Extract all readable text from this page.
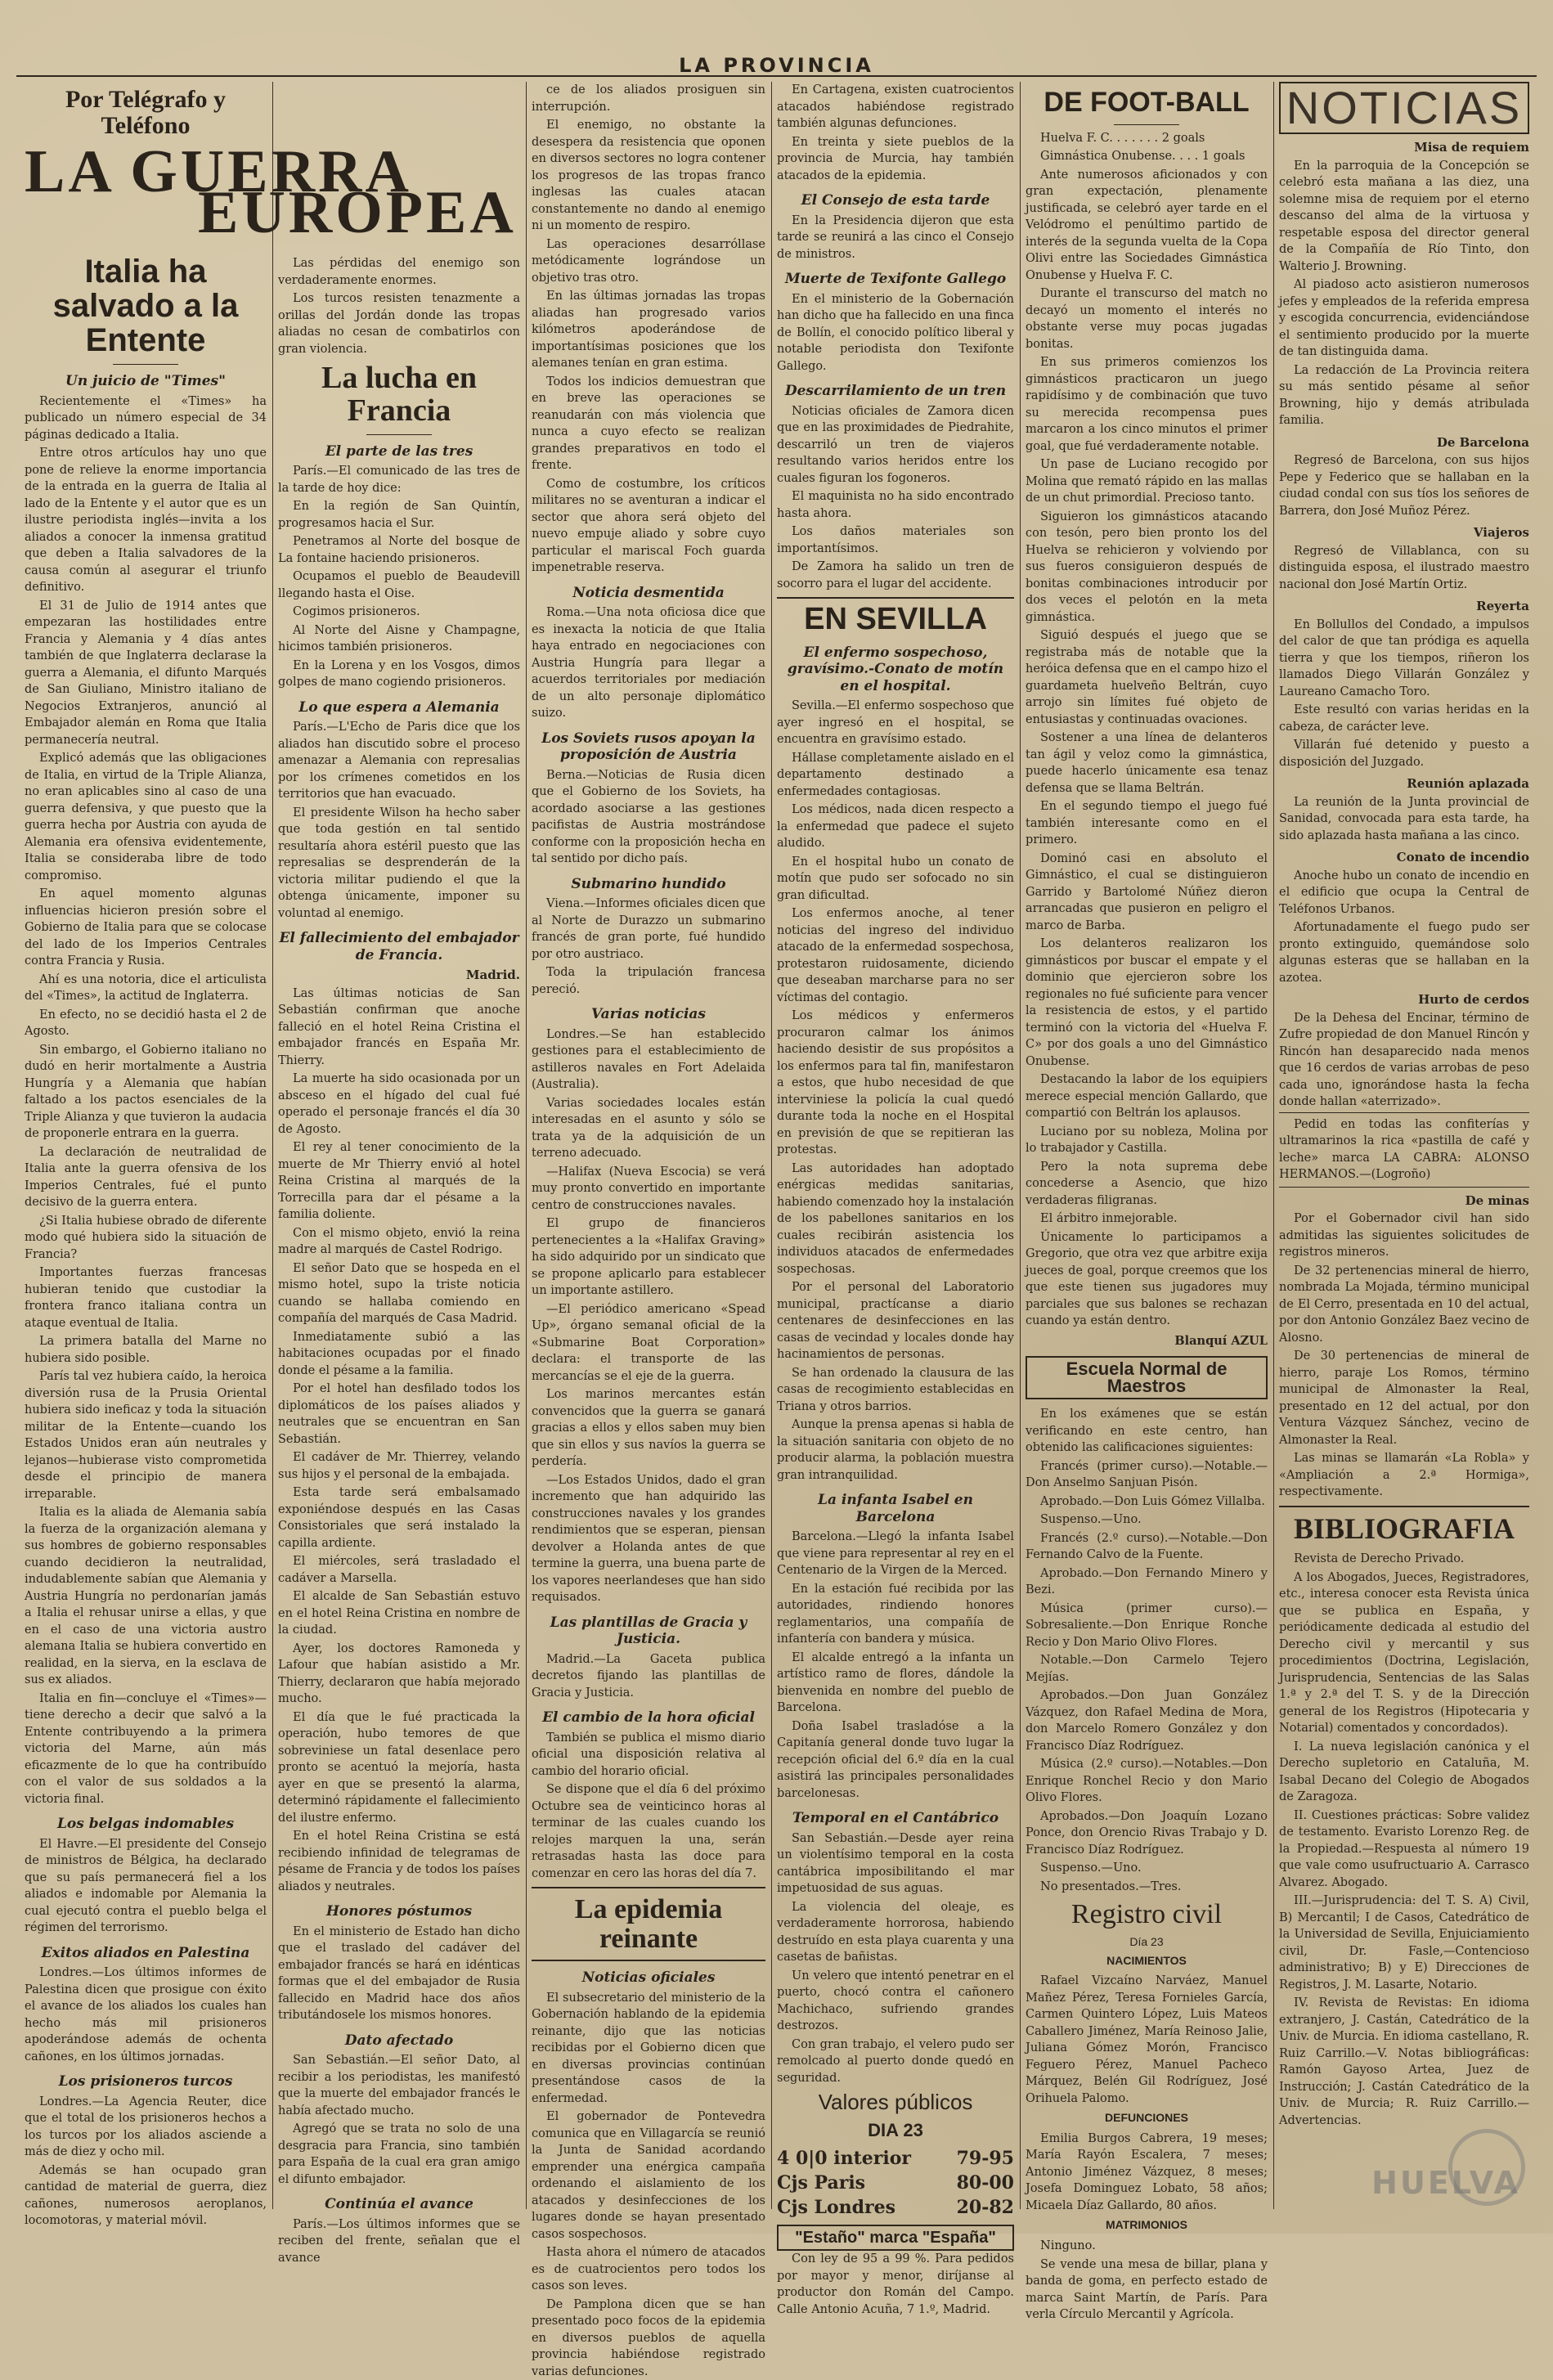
LA PROVINCIA
Por Telégrafo y Teléfono
LA GUERRA
EUROPEA
Italia ha salvado a la Entente
Un juicio de "Times"

Recientemente el «Times» ha publicado un número especial de 34 páginas dedicado a Italia.

Entre otros artículos hay uno que pone de relieve la enorme importancia de la entrada en la guerra de Italia al lado de la Entente y el autor que es un ilustre periodista inglés—invita a los aliados a conocer la inmensa gratitud que deben a Italia salvadores de la causa común al asegurar el triunfo definitivo.

El 31 de Julio de 1914 antes que empezaran las hostilidades entre Francia y Alemania y 4 días antes también de que Inglaterra declarase la guerra a Alemania, el difunto Marqués de San Giuliano, Ministro italiano de Negocios Extranjeros, anunció al Embajador alemán en Roma que Italia permanecería neutral.

Explicó además que las obligaciones de Italia, en virtud de la Triple Alianza, no eran aplicables sino al caso de una guerra defensiva, y que puesto que la guerra hecha por Austria con ayuda de Alemania era ofensiva evidentemente, Italia se consideraba libre de todo compromiso.

En aquel momento algunas influencias hicieron presión sobre el Gobierno de Italia para que se colocase del lado de los Imperios Centrales contra Francia y Rusia.

Ahí es una notoria, dice el articulista del «Times», la actitud de Inglaterra.

En efecto, no se decidió hasta el 2 de Agosto.

Sin embargo, el Gobierno italiano no dudó en herir mortalmente a Austria Hungría y a Alemania que habían faltado a los pactos esenciales de la Triple Alianza y que tuvieron la audacia de proponerle entrara en la guerra.

La declaración de neutralidad de Italia ante la guerra ofensiva de los Imperios Centrales, fué el punto decisivo de la guerra entera.

¿Si Italia hubiese obrado de diferente modo qué hubiera sido la situación de Francia?

Importantes fuerzas francesas hubieran tenido que custodiar la frontera franco italiana contra un ataque eventual de Italia.

La primera batalla del Marne no hubiera sido posible.

París tal vez hubiera caído, la heroica diversión rusa de la Prusia Oriental hubiera sido ineficaz y toda la situación militar de la Entente—cuando los Estados Unidos eran aún neutrales y lejanos—hubierase visto comprometida desde el principio de manera irreparable.

Italia es la aliada de Alemania sabía la fuerza de la organización alemana y sus hombres de gobierno responsables cuando decidieron la neutralidad, indudablemente sabían que Alemania y Austria Hungría no perdonarían jamás a Italia el rehusar unirse a ellas, y que en el caso de una victoria austro alemana Italia se hubiera convertido en realidad, en la sierva, en la esclava de sus ex aliados.

Italia en fin—concluye el «Times»—tiene derecho a decir que salvó a la Entente contribuyendo a la primera victoria del Marne, aún más eficazmente de lo que ha contribuído con el valor de sus soldados a la victoria final.

Los belgas indomables

El Havre.—El presidente del Consejo de ministros de Bélgica, ha declarado que su país permanecerá fiel a los aliados e indomable por Alemania la cual ejecutó contra el pueblo belga el régimen del terrorismo.

Exitos aliados en Palestina

Londres.—Los últimos informes de Palestina dicen que prosigue con éxito el avance de los aliados los cuales han hecho más mil prisioneros apoderándose además de ochenta cañones, en los últimos jornadas.

Los prisioneros turcos

Londres.—La Agencia Reuter, dice que el total de los prisioneros hechos a los turcos por los aliados asciende a más de diez y ocho mil.

Además se han ocupado gran cantidad de material de guerra, diez cañones, numerosos aeroplanos, locomotoras, y material móvil.

Las pérdidas del enemigo son verdaderamente enormes.

Los turcos resisten tenazmente a orillas del Jordán donde las tropas aliadas no cesan de combatirlos con gran violencia.

La lucha en Francia
El parte de las tres

París.—El comunicado de las tres de la tarde de hoy dice:

En la región de San Quintín, progresamos hacia el Sur.

Penetramos al Norte del bosque de La fontaine haciendo prisioneros.

Ocupamos el pueblo de Beaudevill llegando hasta el Oise.

Cogimos prisioneros.

Al Norte del Aisne y Champagne, hicimos también prisioneros.

En la Lorena y en los Vosgos, dimos golpes de mano cogiendo prisioneros.

Lo que espera a Alemania

París.—L'Echo de Paris dice que los aliados han discutido sobre el proceso amenazar a Alemania con represalias por los crímenes cometidos en los territorios que han evacuado.

El presidente Wilson ha hecho saber que toda gestión en tal sentido resultaría ahora estéril puesto que las represalias se desprenderán de la victoria militar pudiendo el que la obtenga únicamente, imponer su voluntad al enemigo.

El fallecimiento del embajador de Francia.

Madrid.

Las últimas noticias de San Sebastián confirman que anoche falleció en el hotel Reina Cristina el embajador francés en España Mr. Thierry.

La muerte ha sido ocasionada por un absceso en el hígado del cual fué operado el personaje francés el día 30 de Agosto.

El rey al tener conocimiento de la muerte de Mr Thierry envió al hotel Reina Cristina al marqués de la Torrecilla para dar el pésame a la familia doliente.

Con el mismo objeto, envió la reina madre al marqués de Castel Rodrigo.

El señor Dato que se hospeda en el mismo hotel, supo la triste noticia cuando se hallaba comiendo en compañía del marqués de Casa Madrid.

Inmediatamente subió a las habitaciones ocupadas por el finado donde el pésame a la familia.

Por el hotel han desfilado todos los diplomáticos de los países aliados y neutrales que se encuentran en San Sebastián.

El cadáver de Mr. Thierrey, velando sus hijos y el personal de la embajada.

Esta tarde será embalsamado exponiéndose después en las Casas Consistoriales que será instalado la capilla ardiente.

El miércoles, será trasladado el cadáver a Marsella.

El alcalde de San Sebastián estuvo en el hotel Reina Cristina en nombre de la ciudad.

Ayer, los doctores Ramoneda y Lafour que habían asistido a Mr. Thierry, declararon que había mejorado mucho.

El día que le fué practicada la operación, hubo temores de que sobreviniese un fatal desenlace pero pronto se acentuó la mejoría, hasta ayer en que se presentó la alarma, determinó rápidamente el fallecimiento del ilustre enfermo.

En el hotel Reina Cristina se está recibiendo infinidad de telegramas de pésame de Francia y de todos los países aliados y neutrales.

Honores póstumos

En el ministerio de Estado han dicho que el traslado del cadáver del embajador francés se hará en idénticas formas que el del embajador de Rusia fallecido en Madrid hace dos años tributándosele los mismos honores.

Dato afectado

San Sebastián.—El señor Dato, al recibir a los periodistas, les manifestó que la muerte del embajador francés le había afectado mucho.

Agregó que se trata no solo de una desgracia para Francia, sino también para España de la cual era gran amigo el difunto embajador.

Continúa el avance

París.—Los últimos informes que se reciben del frente, señalan que el avance

ce de los aliados prosiguen sin interrupción.

El enemigo, no obstante la desespera da resistencia que oponen en diversos sectores no logra contener los progresos de las tropas franco inglesas las cuales atacan constantemente no dando al enemigo ni un momento de respiro.

Las operaciones desarróllase metódicamente lográndose un objetivo tras otro.

En las últimas jornadas las tropas aliadas han progresado varios kilómetros apoderándose de importantísimas posiciones que los alemanes tenían en gran estima.

Todos los indicios demuestran que en breve las operaciones se reanudarán con más violencia que nunca a cuyo efecto se realizan grandes preparativos en todo el frente.

Como de costumbre, los críticos militares no se aventuran a indicar el sector que ahora será objeto del nuevo empuje aliado y sobre cuyo particular el mariscal Foch guarda impenetrable reserva.

Noticia desmentida

Roma.—Una nota oficiosa dice que es inexacta la noticia de que Italia haya entrado en negociaciones con Austria Hungría para llegar a acuerdos territoriales por mediación de un alto personaje diplomático suizo.

Los Soviets rusos apoyan la proposición de Austria

Berna.—Noticias de Rusia dicen que el Gobierno de los Soviets, ha acordado asociarse a las gestiones pacifistas de Austria mostrándose conforme con la proposición hecha en tal sentido por dicho país.

Submarino hundido

Viena.—Informes oficiales dicen que al Norte de Durazzo un submarino francés de gran porte, fué hundido por otro austriaco.

Toda la tripulación francesa pereció.

Varias noticias

Londres.—Se han establecido gestiones para el establecimiento de astilleros navales en Fort Adelaida (Australia).

Varias sociedades locales están interesadas en el asunto y sólo se trata ya de la adquisición de un terreno adecuado.

—Halifax (Nueva Escocia) se verá muy pronto convertido en importante centro de construcciones navales.

El grupo de financieros pertenecientes a la «Halifax Graving» ha sido adquirido por un sindicato que se propone aplicarlo para establecer un importante astillero.

—El periódico americano «Spead Up», órgano semanal oficial de la «Submarine Boat Corporation» declara: el transporte de las mercancías se el eje de la guerra.

Los marinos mercantes están convencidos que la guerra se ganará gracias a ellos y ellos saben muy bien que sin ellos y sus navíos la guerra se perdería.

—Los Estados Unidos, dado el gran incremento que han adquirido las construcciones navales y los grandes rendimientos que se esperan, piensan devolver a Holanda antes de que termine la guerra, una buena parte de los vapores neerlandeses que han sido requisados.

Las plantillas de Gracia y Justicia.

Madrid.—La Gaceta publica decretos fijando las plantillas de Gracia y Justicia.

El cambio de la hora oficial

También se publica el mismo diario oficial una disposición relativa al cambio del horario oficial.

Se dispone que el día 6 del próximo Octubre sea de veinticinco horas al terminar de las cuales cuando los relojes marquen la una, serán retrasadas hasta las doce para comenzar en cero las horas del día 7.

La epidemia reinante
Noticias oficiales

El subsecretario del ministerio de la Gobernación hablando de la epidemia reinante, dijo que las noticias recibidas por el Gobierno dicen que en diversas provincias continúan presentándose casos de la enfermedad.

El gobernador de Pontevedra comunica que en Villagarcía se reunió la Junta de Sanidad acordando emprender una enérgica campaña ordenando el aislamiento de los atacados y desinfecciones de los lugares donde se hayan presentado casos sospechosos.

Hasta ahora el número de atacados es de cuatrocientos pero todos los casos son leves.

De Pamplona dicen que se han presentado poco focos de la epidemia en diversos pueblos de aquella provincia habiéndose registrado varias defunciones.

En Cartagena, existen cuatrocientos atacados habiéndose registrado también algunas defunciones.

En treinta y siete pueblos de la provincia de Murcia, hay también atacados de la epidemia.

El Consejo de esta tarde

En la Presidencia dijeron que esta tarde se reunirá a las cinco el Consejo de ministros.

Muerte de Texifonte Gallego

En el ministerio de la Gobernación han dicho que ha fallecido en una finca de Bollín, el conocido político liberal y notable periodista don Texifonte Gallego.

Descarrilamiento de un tren

Noticias oficiales de Zamora dicen que en las proximidades de Piedrahite, descarriló un tren de viajeros resultando varios heridos entre los cuales figuran los fogoneros.

El maquinista no ha sido encontrado hasta ahora.

Los daños materiales son importantísimos.

De Zamora ha salido un tren de socorro para el lugar del accidente.

EN SEVILLA
El enfermo sospechoso, gravísimo.-Conato de motín en el hospital.

Sevilla.—El enfermo sospechoso que ayer ingresó en el hospital, se encuentra en gravísimo estado.

Hállase completamente aislado en el departamento destinado a enfermedades contagiosas.

Los médicos, nada dicen respecto a la enfermedad que padece el sujeto aludido.

En el hospital hubo un conato de motín que pudo ser sofocado no sin gran dificultad.

Los enfermos anoche, al tener noticias del ingreso del individuo atacado de la enfermedad sospechosa, protestaron ruidosamente, diciendo que deseaban marcharse para no ser víctimas del contagio.

Los médicos y enfermeros procuraron calmar los ánimos haciendo desistir de sus propósitos a los enfermos para tal fin, manifestaron a estos, que hubo necesidad de que interviniese la policía la cual quedó durante toda la noche en el Hospital en previsión de que se repitieran las protestas.

Las autoridades han adoptado enérgicas medidas sanitarias, habiendo comenzado hoy la instalación de los pabellones sanitarios en los cuales recibirán asistencia los individuos atacados de enfermedades sospechosas.

Por el personal del Laboratorio municipal, practícanse a diario centenares de desinfecciones en las casas de vecindad y locales donde hay hacinamientos de personas.

Se han ordenado la clausura de las casas de recogimiento establecidas en Triana y otros barrios.

Aunque la prensa apenas si habla de la situación sanitaria con objeto de no producir alarma, la población muestra gran intranquilidad.

La infanta Isabel en Barcelona

Barcelona.—Llegó la infanta Isabel que viene para representar al rey en el Centenario de la Virgen de la Merced.

En la estación fué recibida por las autoridades, rindiendo honores reglamentarios, una compañía de infantería con bandera y música.

El alcalde entregó a la infanta un artístico ramo de flores, dándole la bienvenida en nombre del pueblo de Barcelona.

Doña Isabel trasladóse a la Capitanía general donde tuvo lugar la recepción oficial del 6.º día en la cual asistirá las principales personalidades barcelonesas.

Temporal en el Cantábrico

San Sebastián.—Desde ayer reina un violentísimo temporal en la costa cantábrica imposibilitando el mar impetuosidad de sus aguas.

La violencia del oleaje, es verdaderamente horrorosa, habiendo destruído en esta playa cuarenta y una casetas de bañistas.

Un velero que intentó penetrar en el puerto, chocó contra el cañonero Machichaco, sufriendo grandes destrozos.

Con gran trabajo, el velero pudo ser remolcado al puerto donde quedó en seguridad.

Valores públicos
DIA 23
4 0|0 interior	79-95
Cjs Paris	80-00
Cjs Londres	20-82
"Estaño" marca "España"

Con ley de 95 a 99 %. Para pedidos por mayor y menor, diríjanse al productor don Román del Campo. Calle Antonio Acuña, 7 1.º, Madrid.

DE FOOT-BALL

Huelva F. C. . . . . . . 2 goals

Gimnástica Onubense. . . . 1 goals

Ante numerosos aficionados y con gran expectación, plenamente justificada, se celebró ayer tarde en el Velódromo el penúltimo partido de interés de la segunda vuelta de la Copa Olivi entre las Sociedades Gimnástica Onubense y Huelva F. C.

Durante el transcurso del match no decayó un momento el interés no obstante verse muy pocas jugadas bonitas.

En sus primeros comienzos los gimnásticos practicaron un juego rapidísimo y de combinación que tuvo su merecida recompensa pues marcaron a los cinco minutos el primer goal, que fué verdaderamente notable.

Un pase de Luciano recogido por Molina que remató rápido en las mallas de un chut primordial. Precioso tanto.

Siguieron los gimnásticos atacando con tesón, pero bien pronto los del Huelva se rehicieron y volviendo por sus fueros consiguieron después de bonitas combinaciones introducir por dos veces el pelotón en la meta gimnástica.

Siguió después el juego que se registraba más de notable que la heróica defensa que en el campo hizo el guardameta huelveño Beltrán, cuyo arrojo sin límites fué objeto de entusiastas y continuadas ovaciones.

Sostener a una línea de delanteros tan ágil y veloz como la gimnástica, puede hacerlo únicamente esa tenaz defensa que se llama Beltrán.

En el segundo tiempo el juego fué también interesante como en el primero.

Dominó casi en absoluto el Gimnástico, el cual se distinguieron Garrido y Bartolomé Núñez dieron arrancadas que pusieron en peligro el marco de Barba.

Los delanteros realizaron los gimnásticos por buscar el empate y el dominio que ejercieron sobre los regionales no fué suficiente para vencer la resistencia de estos, y el partido terminó con la victoria del «Huelva F. C» por dos goals a uno del Gimnástico Onubense.

Destacando la labor de los equipiers merece especial mención Gallardo, que compartió con Beltrán los aplausos.

Luciano por su nobleza, Molina por lo trabajador y Castilla.

Pero la nota suprema debe concederse a Asencio, que hizo verdaderas filigranas.

El árbitro inmejorable.

Únicamente lo participamos a Gregorio, que otra vez que arbitre exija jueces de goal, porque creemos que los que este tienen sus jugadores muy parciales que sus balones se rechazan cuando ya están dentro.

Blanquí AZUL
Escuela Normal de Maestros

En los exámenes que se están verificando en este centro, han obtenido las calificaciones siguientes:

Francés (primer curso).—Notable.—Don Anselmo Sanjuan Pisón.

Aprobado.—Don Luis Gómez Villalba.

Suspenso.—Uno.

Francés (2.º curso).—Notable.—Don Fernando Calvo de la Fuente.

Aprobado.—Don Fernando Minero y Bezi.

Música (primer curso).—Sobresaliente.—Don Enrique Ronche Recio y Don Mario Olivo Flores.

Notable.—Don Carmelo Tejero Mejías.

Aprobados.—Don Juan González Vázquez, don Rafael Medina de Mora, don Marcelo Romero González y don Francisco Díaz Rodríguez.

Música (2.º curso).—Notables.—Don Enrique Ronchel Recio y don Mario Olivo Flores.

Aprobados.—Don Joaquín Lozano Ponce, don Orencio Rivas Trabajo y D. Francisco Díaz Rodríguez.

Suspenso.—Uno.

No presentados.—Tres.

Registro civil
Día 23
NACIMIENTOS

Rafael Vizcaíno Narváez, Manuel Mañez Pérez, Teresa Fornieles García, Carmen Quintero López, Luis Mateos Caballero Jiménez, María Reinoso Jalie, Juliana Gómez Morón, Francisco Feguero Pérez, Manuel Pacheco Márquez, Belén Gil Rodríguez, José Orihuela Palomo.

DEFUNCIONES

Emilia Burgos Cabrera, 19 meses; María Rayón Escalera, 7 meses; Antonio Jiménez Vázquez, 8 meses; Josefa Dominguez Lobato, 58 años; Micaela Díaz Gallardo, 80 años.

MATRIMONIOS

Ninguno.

Se vende una mesa de billar, plana y banda de goma, en perfecto estado de marca Saint Martín, de París. Para verla Círculo Mercantil y Agrícola.

NOTICIAS
Misa de requiem

En la parroquia de la Concepción se celebró esta mañana a las diez, una solemne misa de requiem por el eterno descanso del alma de la virtuosa y respetable esposa del director general de la Compañía de Río Tinto, don Walterio J. Browning.

Al piadoso acto asistieron numerosos jefes y empleados de la referida empresa y escogida concurrencia, evidenciándose el sentimiento producido por la muerte de tan distinguida dama.

La redacción de La Provincia reitera su más sentido pésame al señor Browning, hijo y demás atribulada familia.

De Barcelona

Regresó de Barcelona, con sus hijos Pepe y Federico que se hallaban en la ciudad condal con sus tíos los señores de Barrera, don José Muñoz Pérez.

Viajeros

Regresó de Villablanca, con su distinguida esposa, el ilustrado maestro nacional don José Martín Ortiz.

Reyerta

En Bollullos del Condado, a impulsos del calor de que tan pródiga es aquella tierra y que los tiempos, riñeron los llamados Diego Villarán González y Laureano Camacho Toro.

Este resultó con varias heridas en la cabeza, de carácter leve.

Villarán fué detenido y puesto a disposición del Juzgado.

Reunión aplazada

La reunión de la Junta provincial de Sanidad, convocada para esta tarde, ha sido aplazada hasta mañana a las cinco.

Conato de incendio

Anoche hubo un conato de incendio en el edificio que ocupa la Central de Teléfonos Urbanos.

Afortunadamente el fuego pudo ser pronto extinguido, quemándose solo algunas esteras que se hallaban en la azotea.

Hurto de cerdos

De la Dehesa del Encinar, término de Zufre propiedad de don Manuel Rincón y Rincón han desaparecido nada menos que 16 cerdos de varias arrobas de peso cada uno, ignorándose hasta la fecha donde hallan «aterrizado».

Pedid en todas las confiterías y ultramarinos la rica «pastilla de café y leche» marca LA CABRA: ALONSO HERMANOS.—(Logroño)

De minas

Por el Gobernador civil han sido admitidas las siguientes solicitudes de registros mineros.

De 32 pertenencias mineral de hierro, nombrada La Mojada, término municipal de El Cerro, presentada en 10 del actual, por don Antonio González Baez vecino de Alosno.

De 30 pertenencias de mineral de hierro, paraje Los Romos, término municipal de Almonaster la Real, presentado en 12 del actual, por don Ventura Vázquez Sánchez, vecino de Almonaster la Real.

Las minas se llamarán «La Robla» y «Ampliación a 2.ª Hormiga», respectivamente.

BIBLIOGRAFIA

Revista de Derecho Privado.

A los Abogados, Jueces, Registradores, etc., interesa conocer esta Revista única que se publica en España, y periódicamente dedicada al estudio del Derecho civil y mercantil y sus procedimientos (Doctrina, Legislación, Jurisprudencia, Sentencias de las Salas 1.ª y 2.ª del T. S. y de la Dirección general de los Registros (Hipotecaria y Notarial) comentados y concordados).

I. La nueva legislación canónica y el Derecho supletorio en Cataluña, M. Isabal Decano del Colegio de Abogados de Zaragoza.

II. Cuestiones prácticas: Sobre validez de testamento. Evaristo Lorenzo Reg. de la Propiedad.—Respuesta al número 19 que vale como usufructuario A. Carrasco Alvarez. Abogado.

III.—Jurisprudencia: del T. S. A) Civil, B) Mercantil; I de Casos, Catedrático de la Universidad de Sevilla, Enjuiciamiento civil, Dr. Fasle,—Contencioso administrativo; B) y E) Direcciones de Registros, J. M. Lasarte, Notario.

IV. Revista de Revistas: En idioma extranjero, J. Castán, Catedrático de la Univ. de Murcia. En idioma castellano, R. Ruiz Carrillo.—V. Notas bibliográficas: Ramón Gayoso Artea, Juez de Instrucción; J. Castán Catedrático de la Univ. de Murcia; R. Ruiz Carrillo.—Advertencias.

HUELVA
